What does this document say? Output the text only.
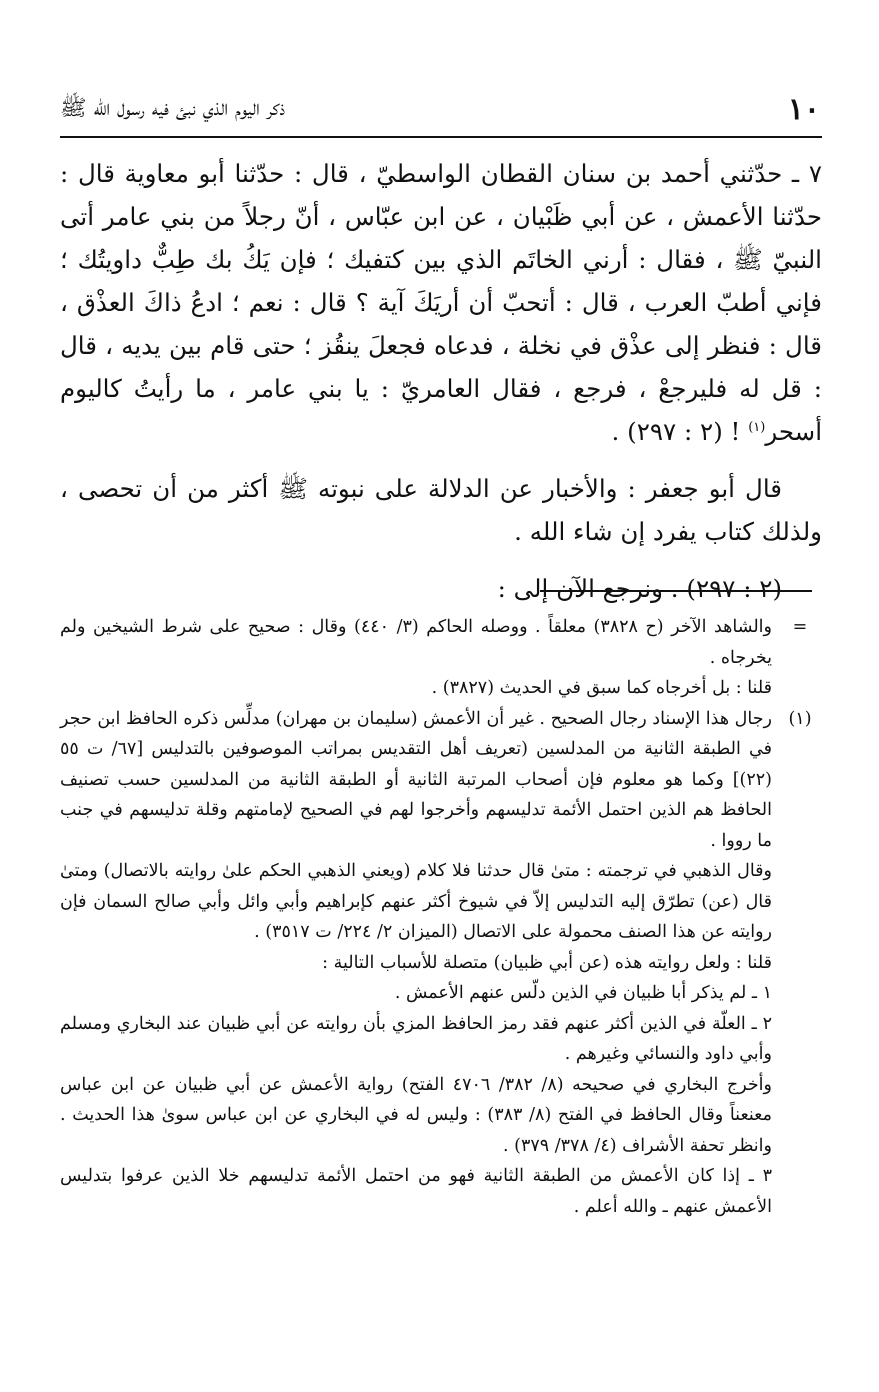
١٠
ذكر اليوم الذي نبئ فيه رسول الله ﷺ

٧ ـ حدّثني أحمد بن سنان القطان الواسطيّ ، قال : حدّثنا أبو معاوية قال : حدّثنا الأعمش ، عن أبي ظَبْيان ، عن ابن عبّاس ، أنّ رجلاً من بني عامر أتى النبيّ ﷺ ، فقال : أرني الخاتَم الذي بين كتفيك ؛ فإن يَكُ بك طِبٌّ داويتُك ؛ فإني أطبّ العرب ، قال : أتحبّ أن أريَكَ آية ؟ قال : نعم ؛ ادعُ ذاكَ العذْق ، قال : فنظر إلى عذْق في نخلة ، فدعاه فجعلَ ينقُز ؛ حتى قام بين يديه ، قال : قل له فليرجعْ ، فرجع ، فقال العامريّ : يا بني عامر ، ما رأيتُ كاليوم أسحر$^{(١)}$ ! (٢ : ٢٩٧) .

قال أبو جعفر : والأخبار عن الدلالة على نبوته ﷺ أكثر من أن تحصى ، ولذلك كتاب يفرد إن شاء الله .

(٢ : ٢٩٧) . ونرجع الآن إلى :

=

والشاهد الآخر (ح ٣٨٢٨) معلقاً . ووصله الحاكم (٣/ ٤٤٠) وقال : صحيح على شرط الشيخين ولم يخرجاه .

قلنا : بل أخرجاه كما سبق في الحديث (٣٨٢٧) .

(١)

رجال هذا الإسناد رجال الصحيح . غير أن الأعمش (سليمان بن مهران) مدلِّس ذكره الحافظ ابن حجر في الطبقة الثانية من المدلسين (تعريف أهل التقديس بمراتب الموصوفين بالتدليس [٦٧/ ت ٥٥ (٢٢)] وكما هو معلوم فإن أصحاب المرتبة الثانية أو الطبقة الثانية من المدلسين حسب تصنيف الحافظ هم الذين احتمل الأئمة تدليسهم وأخرجوا لهم في الصحيح لإمامتهم وقلة تدليسهم في جنب ما رووا .

وقال الذهبي في ترجمته : متىٰ قال حدثنا فلا كلام (ويعني الذهبي الحكم علىٰ روايته بالاتصال) ومتىٰ قال (عن) تطرّق إليه التدليس إلاّ في شيوخ أكثر عنهم كإبراهيم وأبي وائل وأبي صالح السمان فإن روايته عن هذا الصنف محمولة على الاتصال (الميزان ٢/ ٢٢٤/ ت ٣٥١٧) .

قلنا : ولعل روايته هذه (عن أبي ظبيان) متصلة للأسباب التالية :

١ ـ لم يذكر أبا ظبيان في الذين دلّس عنهم الأعمش .

٢ ـ العلّة في الذين أكثر عنهم فقد رمز الحافظ المزي بأن روايته عن أبي ظبيان عند البخاري ومسلم وأبي داود والنسائي وغيرهم .

وأخرج البخاري في صحيحه (٨/ ٣٨٢/ ٤٧٠٦ الفتح) رواية الأعمش عن أبي ظبيان عن ابن عباس معنعناً وقال الحافظ في الفتح (٨/ ٣٨٣) : وليس له في البخاري عن ابن عباس سوىٰ هذا الحديث . وانظر تحفة الأشراف (٤/ ٣٧٨/ ٣٧٩) .

٣ ـ إذا كان الأعمش من الطبقة الثانية فهو من احتمل الأئمة تدليسهم خلا الذين عرفوا بتدليس الأعمش عنهم ـ والله أعلم .
